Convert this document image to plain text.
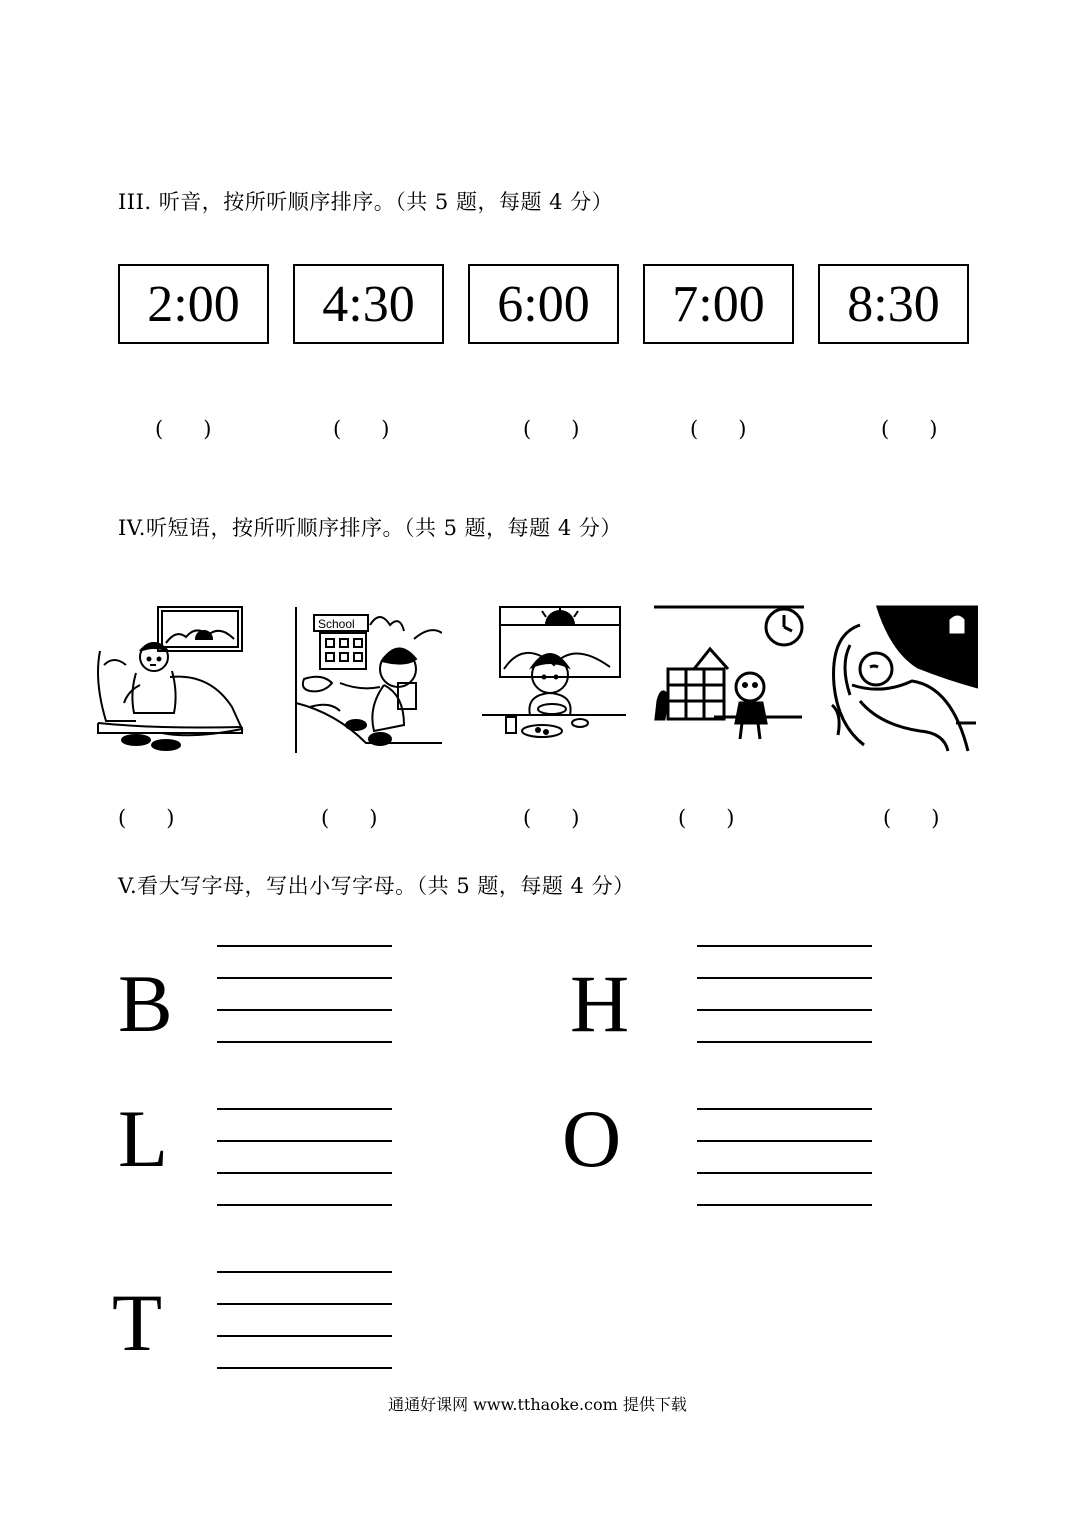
III. 听音，按所听顺序排序。（共 5 题，每题 4 分）
2:00	4:30	6:00	7:00	8:30
(      )	(      )	(      )	(      )	(      )
IV.听短语，按所听顺序排序。（共 5 题，每题 4 分）
School
(      )	(      )	(      )	(      )	(      )
V.看大写字母，写出小写字母。（共 5 题，每题 4 分）
B	H
L	O
T
通通好课网 www.tthaoke.com 提供下载
